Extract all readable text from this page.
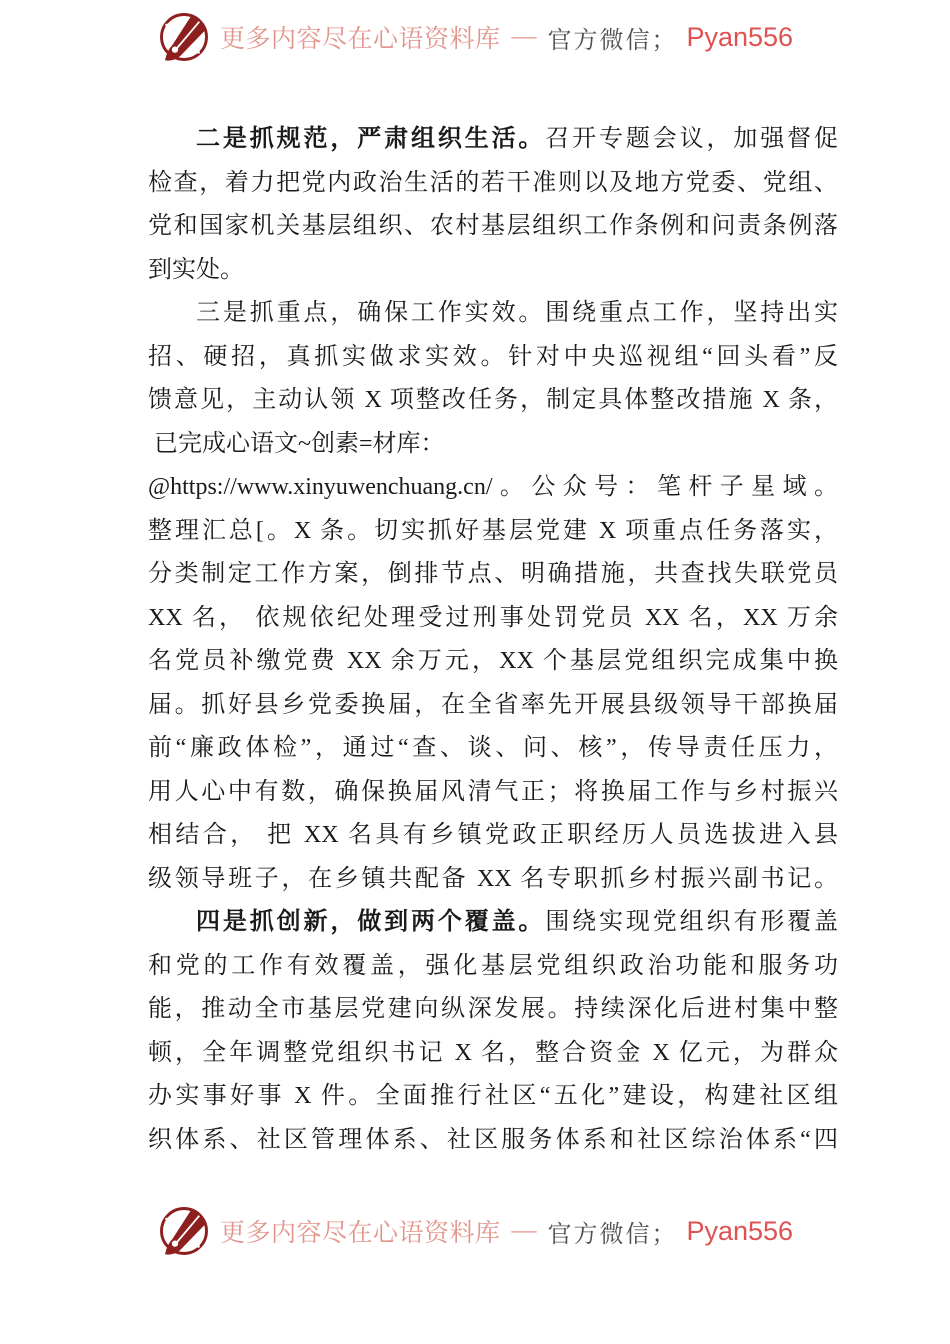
更多内容尽在心语资料库 — 官方微信； Pyan556
二是抓规范，严肃组织生活。召开专题会议，加强督促
检查，着力把党内政治生活的若干准则以及地方党委、党组、
党和国家机关基层组织、农村基层组织工作条例和问责条例落
到实处。
三是抓重点，确保工作实效。围绕重点工作，坚持出实
招、硬招，真抓实做求实效。针对中央巡视组“回头看”反
馈意见，主动认领 X 项整改任务，制定具体整改措施 X 条，
已完成心语文~创素=材库：
@https://www.xinyuwenchuang.cn/。公众号：笔杆子星域。
整理汇总[。X 条。切实抓好基层党建 X 项重点任务落实，
分类制定工作方案，倒排节点、明确措施，共查找失联党员
XX 名， 依规依纪处理受过刑事处罚党员 XX 名，XX 万余
名党员补缴党费 XX 余万元，XX 个基层党组织完成集中换
届。抓好县乡党委换届，在全省率先开展县级领导干部换届
前“廉政体检”，通过“查、谈、问、核”，传导责任压力，
用人心中有数，确保换届风清气正；将换届工作与乡村振兴
相结合， 把 XX 名具有乡镇党政正职经历人员选拔进入县
级领导班子，在乡镇共配备 XX 名专职抓乡村振兴副书记。
四是抓创新，做到两个覆盖。围绕实现党组织有形覆盖
和党的工作有效覆盖，强化基层党组织政治功能和服务功
能，推动全市基层党建向纵深发展。持续深化后进村集中整
顿，全年调整党组织书记 X 名，整合资金 X 亿元，为群众
办实事好事 X 件。全面推行社区“五化”建设，构建社区组
织体系、社区管理体系、社区服务体系和社区综治体系“四
更多内容尽在心语资料库 — 官方微信； Pyan556
